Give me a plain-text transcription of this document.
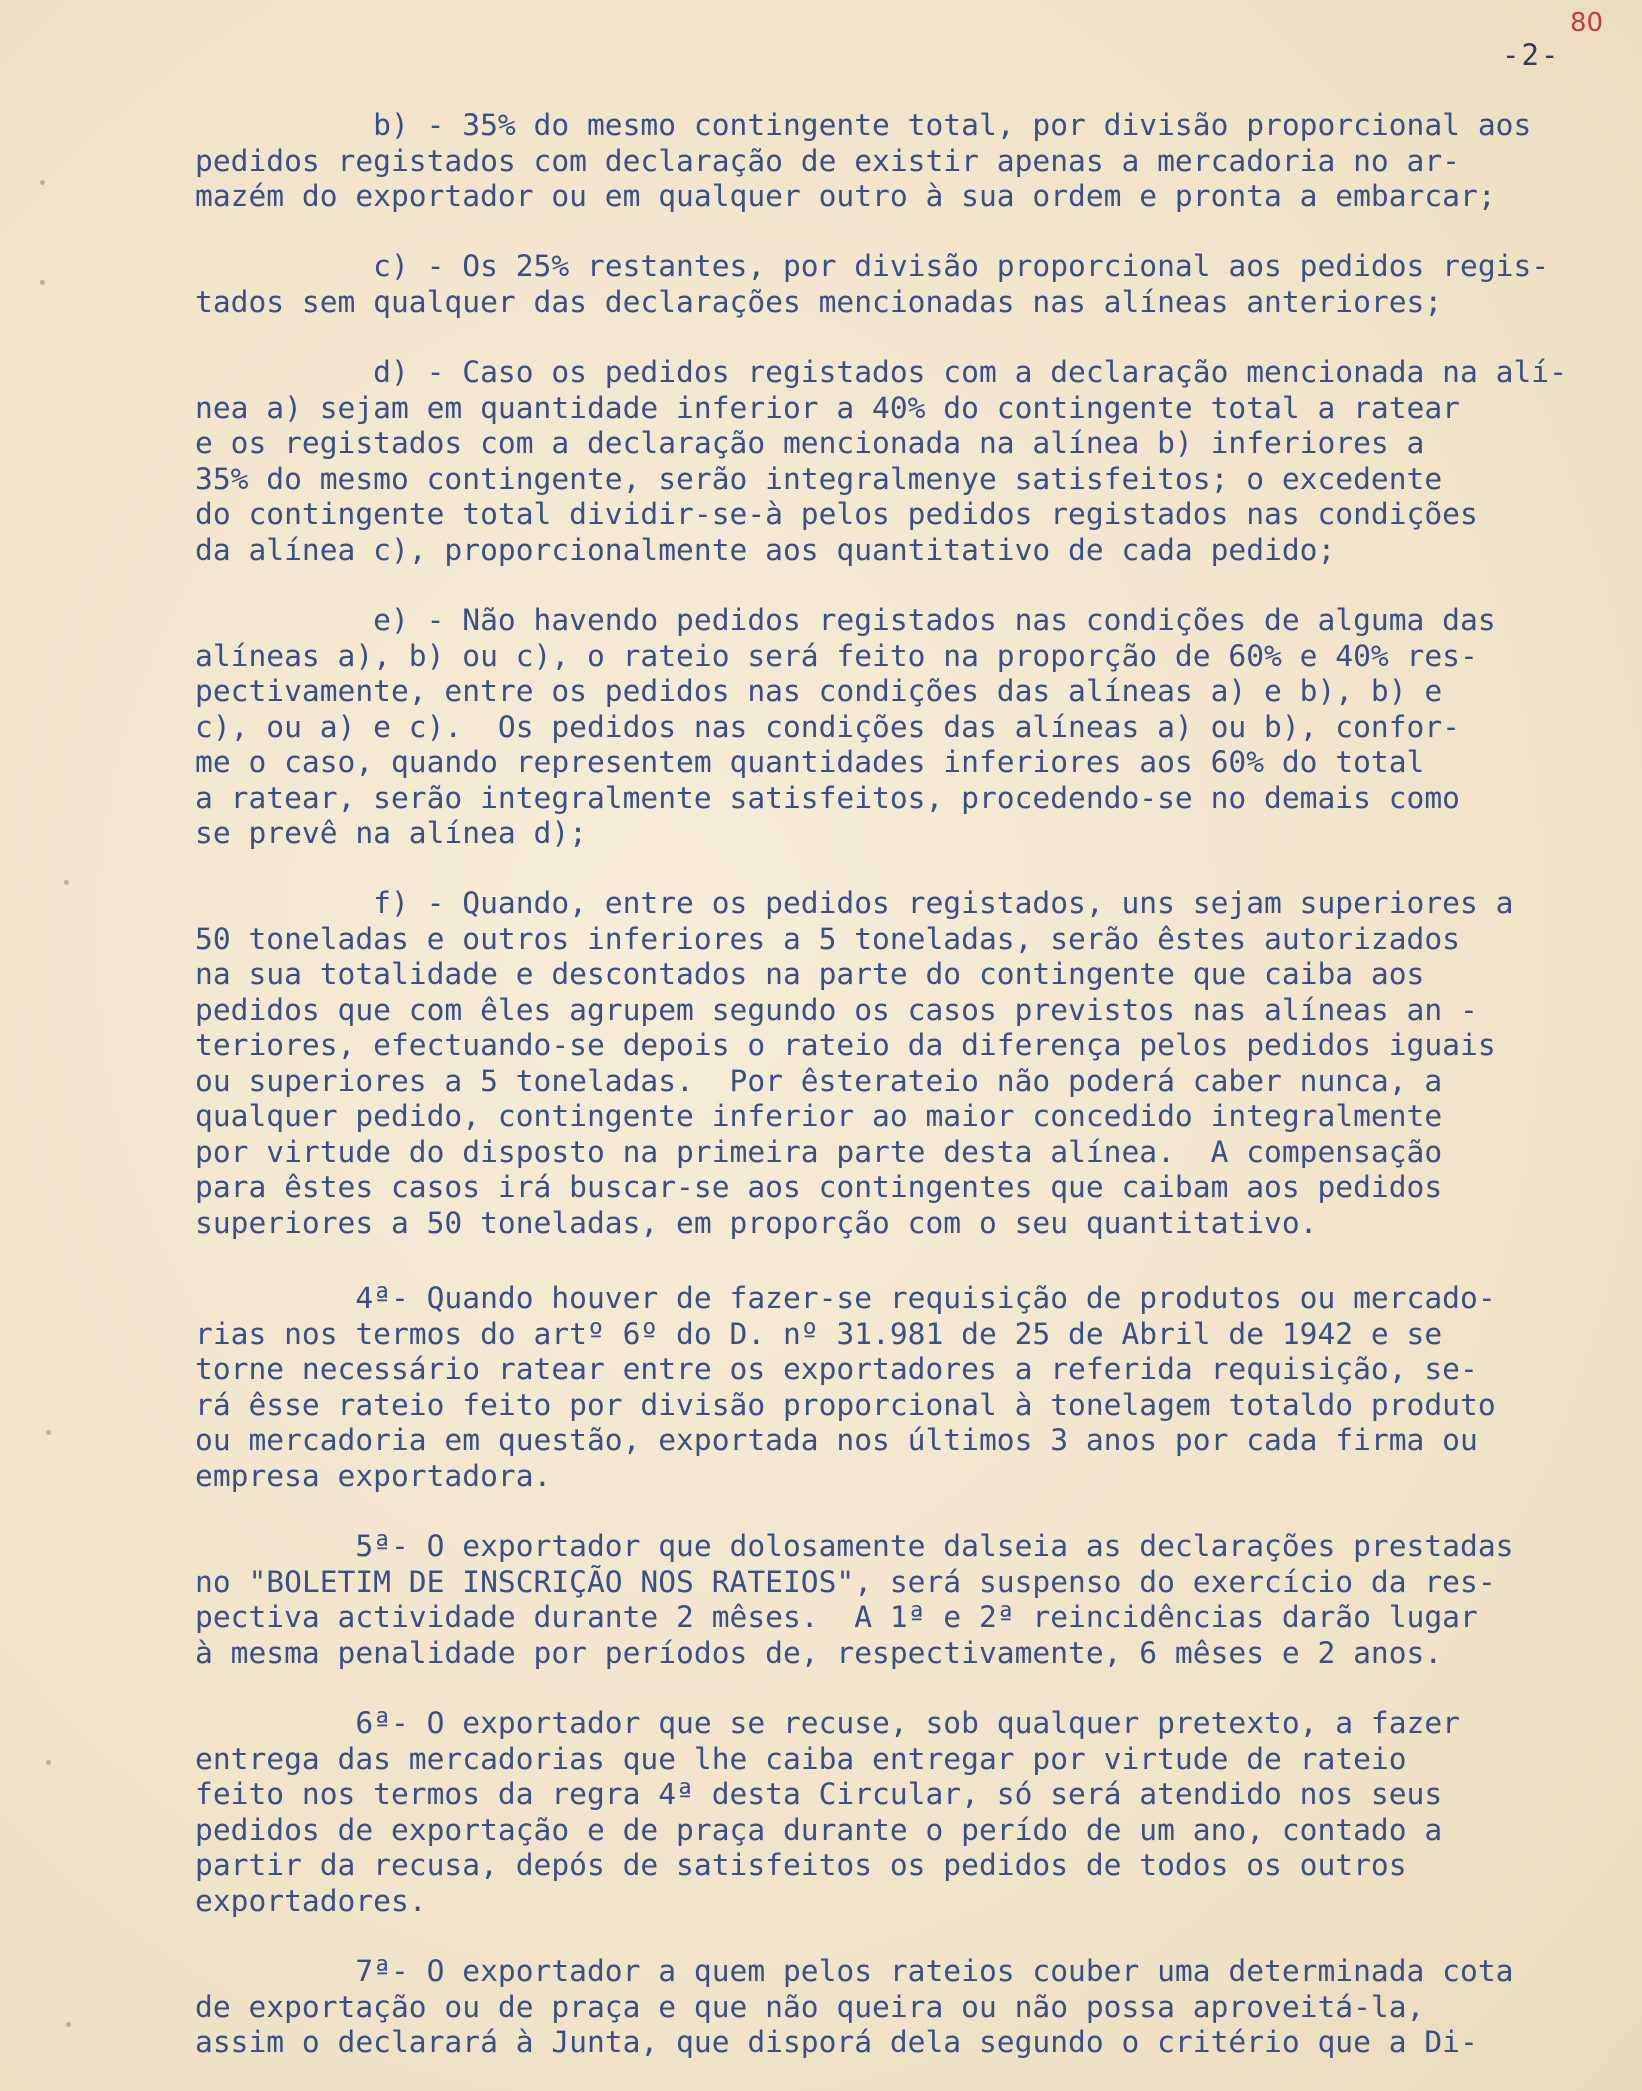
80
-2-
b) - 35% do mesmo contingente total, por divisão proporcional aos
pedidos registados com declaração de existir apenas a mercadoria no ar-
mazém do exportador ou em qualquer outro à sua ordem e pronta a embarcar;
c) - Os 25% restantes, por divisão proporcional aos pedidos regis-
tados sem qualquer das declarações mencionadas nas alíneas anteriores;
d) - Caso os pedidos registados com a declaração mencionada na alí-
nea a) sejam em quantidade inferior a 40% do contingente total a ratear
e os registados com a declaração mencionada na alínea b) inferiores a
35% do mesmo contingente, serão integralmenye satisfeitos; o excedente
do contingente total dividir-se-à pelos pedidos registados nas condições
da alínea c), proporcionalmente aos quantitativo de cada pedido;
e) - Não havendo pedidos registados nas condições de alguma das
alíneas a), b) ou c), o rateio será feito na proporção de 60% e 40% res-
pectivamente, entre os pedidos nas condições das alíneas a) e b), b) e
c), ou a) e c).  Os pedidos nas condições das alíneas a) ou b), confor-
me o caso, quando representem quantidades inferiores aos 60% do total
a ratear, serão integralmente satisfeitos, procedendo-se no demais como
se prevê na alínea d);
f) - Quando, entre os pedidos registados, uns sejam superiores a
50 toneladas e outros inferiores a 5 toneladas, serão êstes autorizados
na sua totalidade e descontados na parte do contingente que caiba aos
pedidos que com êles agrupem segundo os casos previstos nas alíneas an -
teriores, efectuando-se depois o rateio da diferença pelos pedidos iguais
ou superiores a 5 toneladas.  Por êsterateio não poderá caber nunca, a
qualquer pedido, contingente inferior ao maior concedido integralmente
por virtude do disposto na primeira parte desta alínea.  A compensação
para êstes casos irá buscar-se aos contingentes que caibam aos pedidos
superiores a 50 toneladas, em proporção com o seu quantitativo.
4ª- Quando houver de fazer-se requisição de produtos ou mercado-
rias nos termos do artº 6º do D. nº 31.981 de 25 de Abril de 1942 e se
torne necessário ratear entre os exportadores a referida requisição, se-
rá êsse rateio feito por divisão proporcional à tonelagem totaldo produto
ou mercadoria em questão, exportada nos últimos 3 anos por cada firma ou
empresa exportadora.
5ª- O exportador que dolosamente dalseia as declarações prestadas
no "BOLETIM DE INSCRIÇÃO NOS RATEIOS", será suspenso do exercício da res-
pectiva actividade durante 2 mêses.  A 1ª e 2ª reincidências darão lugar
à mesma penalidade por períodos de, respectivamente, 6 mêses e 2 anos.
6ª- O exportador que se recuse, sob qualquer pretexto, a fazer
entrega das mercadorias que lhe caiba entregar por virtude de rateio
feito nos termos da regra 4ª desta Circular, só será atendido nos seus
pedidos de exportação e de praça durante o perído de um ano, contado a
partir da recusa, depós de satisfeitos os pedidos de todos os outros
exportadores.
7ª- O exportador a quem pelos rateios couber uma determinada cota
de exportação ou de praça e que não queira ou não possa aproveitá-la,
assim o declarará à Junta, que disporá dela segundo o critério que a Di-
